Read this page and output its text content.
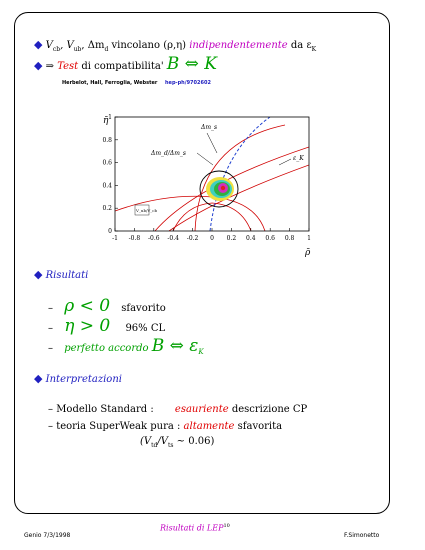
◆ $V_{cb}$, $V_{ub}$, $\Delta m_d$ vincolano (ρ,η) indipendentemente da $\varepsilon_K$
◆ ⇒ Test di compatibilita' B ⇔ K
Herbelot, Hall, Ferroglia, Webster hep-ph/9702602
-1 -0.8 -0.6 -0.4 -0.2 0 0.2 0.4 0.6 0.8 1
0
0.2
0.4
0.6
0.8
1
Δm_s
Δm_d/Δm_s
ε_K
V_ub/V_cb
ρ̄
η̄
◆ Risultati
– ρ < 0 sfavorito
– η > 0 96% CL
– perfetto accordo B ⇔ $\varepsilon_K$
◆ Interpretazioni
– Modello Standard : esauriente descrizione CP
– teoria SuperWeak pura : altamente sfavorita
($V_{td}/V_{ts}$ ~ 0.06)
Genio 7/3/1998
Risultati di LEP$^{10}$
F.Simonetto
